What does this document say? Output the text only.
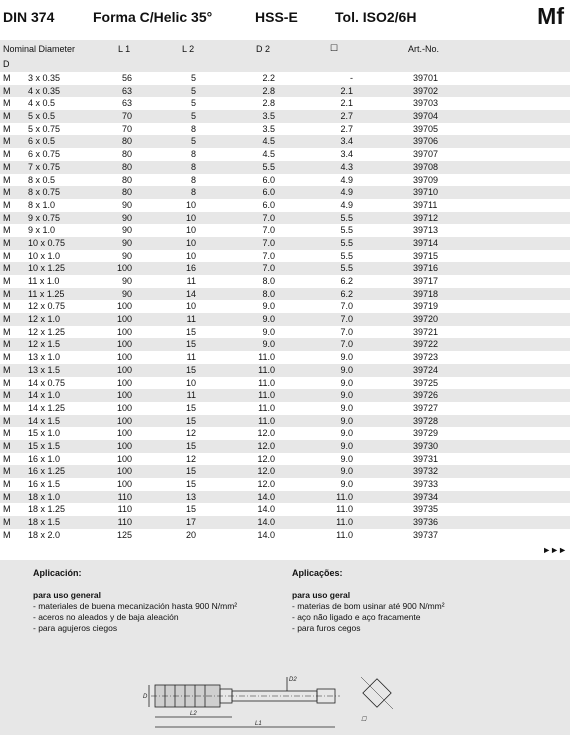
DIN 374	Forma C/Helic 35°	HSS-E	Tol. ISO2/6H	Mf
Nominal Diameter
D
L 1	L 2	D 2	☐	Art.-No.
M 3 x 0.35	56	5	2.2	-	39701
M 4 x 0.35	63	5	2.8	2.1	39702
M 4 x 0.5	63	5	2.8	2.1	39703
M 5 x 0.5	70	5	3.5	2.7	39704
M 5 x 0.75	70	8	3.5	2.7	39705
M 6 x 0.5	80	5	4.5	3.4	39706
M 6 x 0.75	80	8	4.5	3.4	39707
M 7 x 0.75	80	8	5.5	4.3	39708
M 8 x 0.5	80	8	6.0	4.9	39709
M 8 x 0.75	80	8	6.0	4.9	39710
M 8 x 1.0	90	10	6.0	4.9	39711
M 9 x 0.75	90	10	7.0	5.5	39712
M 9 x 1.0	90	10	7.0	5.5	39713
M 10 x 0.75	90	10	7.0	5.5	39714
M 10 x 1.0	90	10	7.0	5.5	39715
M 10 x 1.25	100	16	7.0	5.5	39716
M 11 x 1.0	90	11	8.0	6.2	39717
M 11 x 1.25	90	14	8.0	6.2	39718
M 12 x 0.75	100	10	9.0	7.0	39719
M 12 x 1.0	100	11	9.0	7.0	39720
M 12 x 1.25	100	15	9.0	7.0	39721
M 12 x 1.5	100	15	9.0	7.0	39722
M 13 x 1.0	100	11	11.0	9.0	39723
M 13 x 1.5	100	15	11.0	9.0	39724
M 14 x 0.75	100	10	11.0	9.0	39725
M 14 x 1.0	100	11	11.0	9.0	39726
M 14 x 1.25	100	15	11.0	9.0	39727
M 14 x 1.5	100	15	11.0	9.0	39728
M 15 x 1.0	100	12	12.0	9.0	39729
M 15 x 1.5	100	15	12.0	9.0	39730
M 16 x 1.0	100	12	12.0	9.0	39731
M 16 x 1.25	100	15	12.0	9.0	39732
M 16 x 1.5	100	15	12.0	9.0	39733
M 18 x 1.0	110	13	14.0	11.0	39734
M 18 x 1.25	110	15	14.0	11.0	39735
M 18 x 1.5	110	17	14.0	11.0	39736
M 18 x 2.0	125	20	14.0	11.0	39737
►►►
Aplicación:
para uso general
- materiales de buena mecanización hasta 900 N/mm²
- aceros no aleados y de baja aleación
- para agujeros ciegos
Aplicações:
para uso geral
- materias de bom usinar até 900 N/mm²
- aço não ligado e aço fracamente
- para furos cegos
D
L2
L1
D2
☐
